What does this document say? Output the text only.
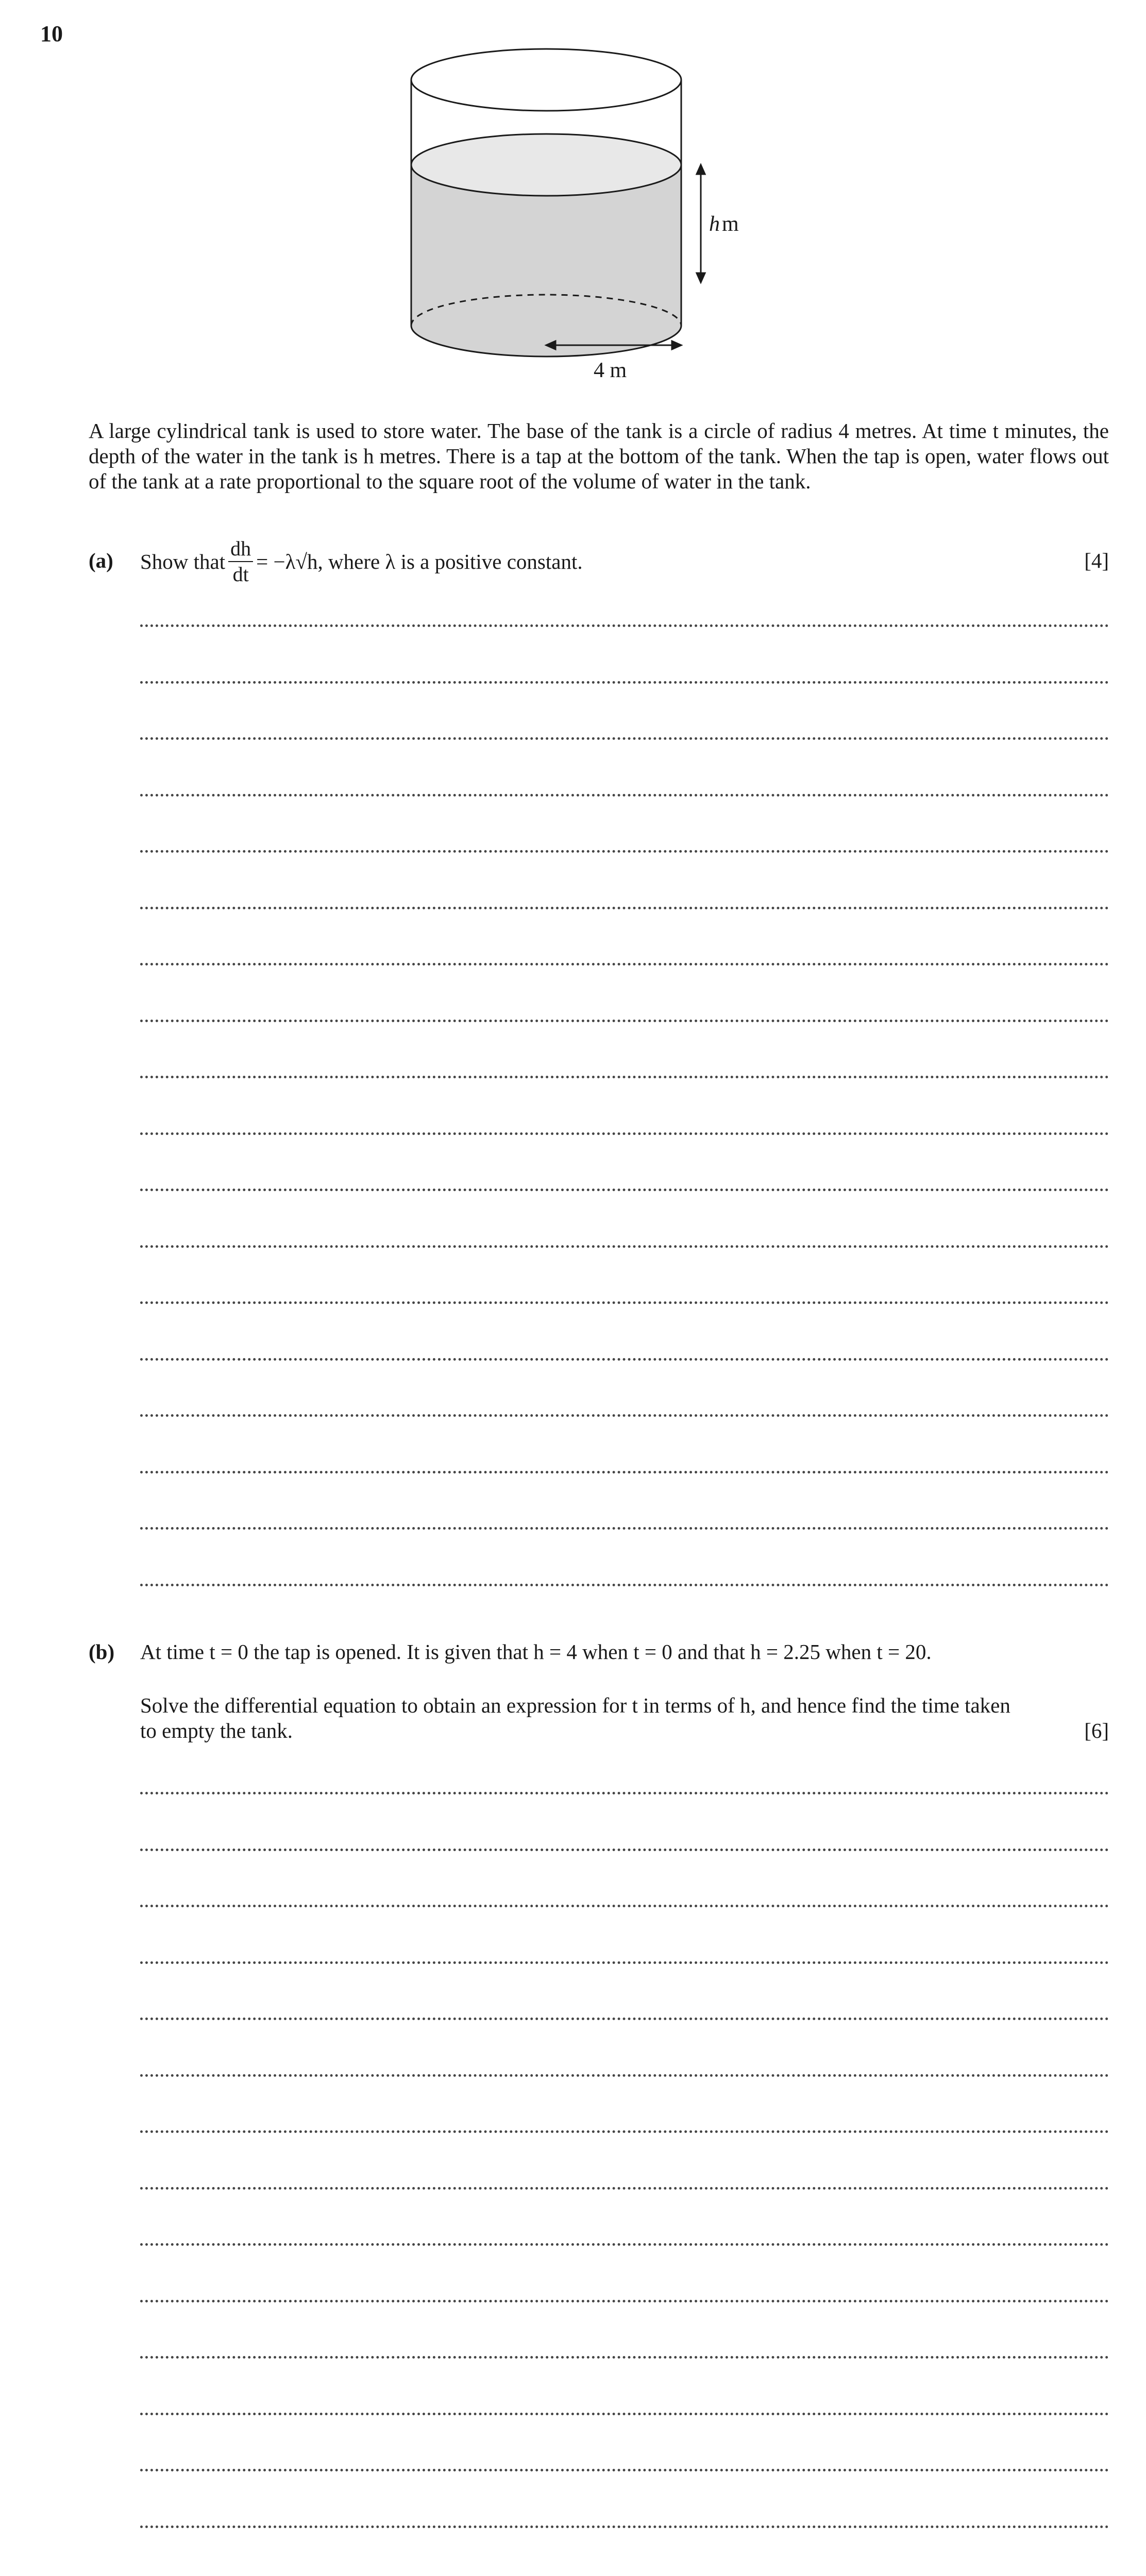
10
hm
4 m
A large cylindrical tank is used to store water. The base of the tank is a circle of radius 4 metres. At time t minutes, the depth of the water in the tank is h metres. There is a tap at the bottom of the tank. When the tap is open, water flows out of the tank at a rate proportional to the square root of the volume of water in the tank.
(a) Show that $\frac{dh}{dt} = -\lambda√h$ , where λ is a positive constant.	[4]
(b) At time t = 0 the tap is opened. It is given that h = 4 when t = 0 and that h = 2.25 when t = 20.
Solve the differential equation to obtain an expression for t in terms of h, and hence find the time taken to empty the tank.	[6]
